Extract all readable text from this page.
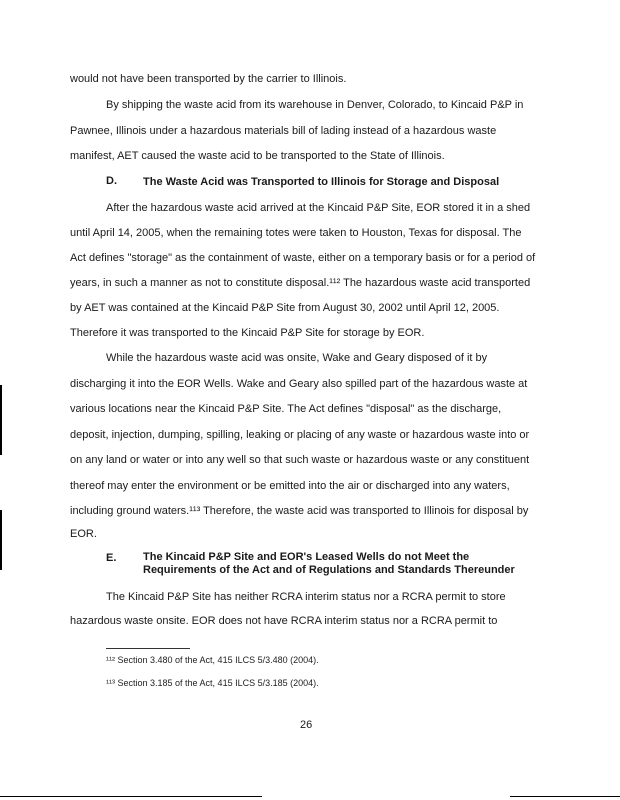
would not have been transported by the carrier to Illinois.
By shipping the waste acid from its warehouse in Denver, Colorado, to Kincaid P&P in
Pawnee, Illinois under a hazardous materials bill of lading instead of a hazardous waste
manifest, AET caused the waste acid to be transported to the State of Illinois.
D. The Waste Acid was Transported to Illinois for Storage and Disposal
After the hazardous waste acid arrived at the Kincaid P&P Site, EOR stored it in a shed
until April 14, 2005, when the remaining totes were taken to Houston, Texas for disposal. The
Act defines "storage" as the containment of waste, either on a temporary basis or for a period of
years, in such a manner as not to constitute disposal.¹¹² The hazardous waste acid transported
by AET was contained at the Kincaid P&P Site from August 30, 2002 until April 12, 2005.
Therefore it was transported to the Kincaid P&P Site for storage by EOR.
While the hazardous waste acid was onsite, Wake and Geary disposed of it by
discharging it into the EOR Wells. Wake and Geary also spilled part of the hazardous waste at
various locations near the Kincaid P&P Site. The Act defines "disposal" as the discharge,
deposit, injection, dumping, spilling, leaking or placing of any waste or hazardous waste into or
on any land or water or into any well so that such waste or hazardous waste or any constituent
thereof may enter the environment or be emitted into the air or discharged into any waters,
including ground waters.¹¹³ Therefore, the waste acid was transported to Illinois for disposal by
EOR.
E. The Kincaid P&P Site and EOR's Leased Wells do not Meet the
Requirements of the Act and of Regulations and Standards Thereunder
The Kincaid P&P Site has neither RCRA interim status nor a RCRA permit to store
hazardous waste onsite. EOR does not have RCRA interim status nor a RCRA permit to
¹¹² Section 3.480 of the Act, 415 ILCS 5/3.480 (2004).
¹¹³ Section 3.185 of the Act, 415 ILCS 5/3.185 (2004).
26
